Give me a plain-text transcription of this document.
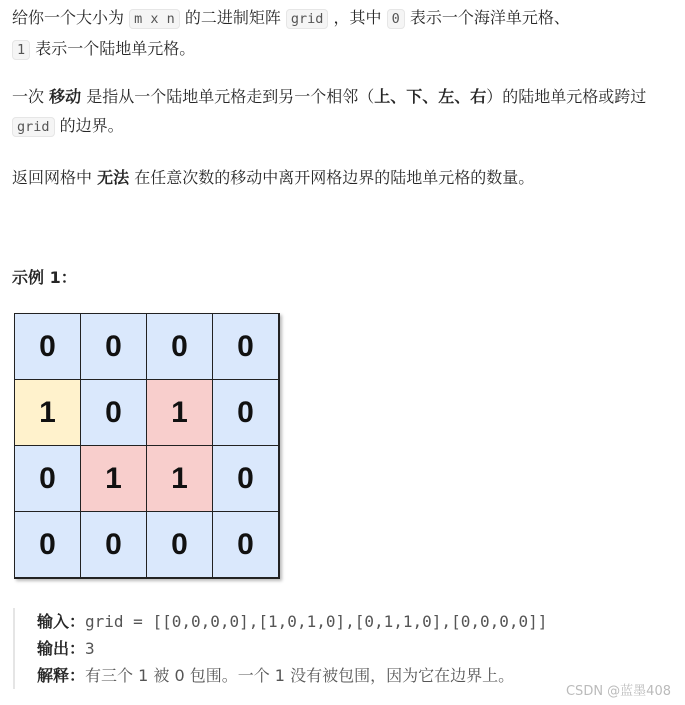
给你一个大小为 m x n 的二进制矩阵 grid ，其中 0 表示一个海洋单元格、
1 表示一个陆地单元格。

一次 移动 是指从一个陆地单元格走到另一个相邻（上、下、左、右）的陆地单元格或跨过 grid 的边界。

返回网格中 无法 在任意次数的移动中离开网格边界的陆地单元格的数量。

示例 1：
0	0	0	0
1	0	1	0
0	1	1	0
0	0	0	0
输入：grid = [[0,0,0,0],[1,0,1,0],[0,1,1,0],[0,0,0,0]]
输出：3
解释：有三个 1 被 0 包围。一个 1 没有被包围，因为它在边界上。
CSDN @蓝墨408
